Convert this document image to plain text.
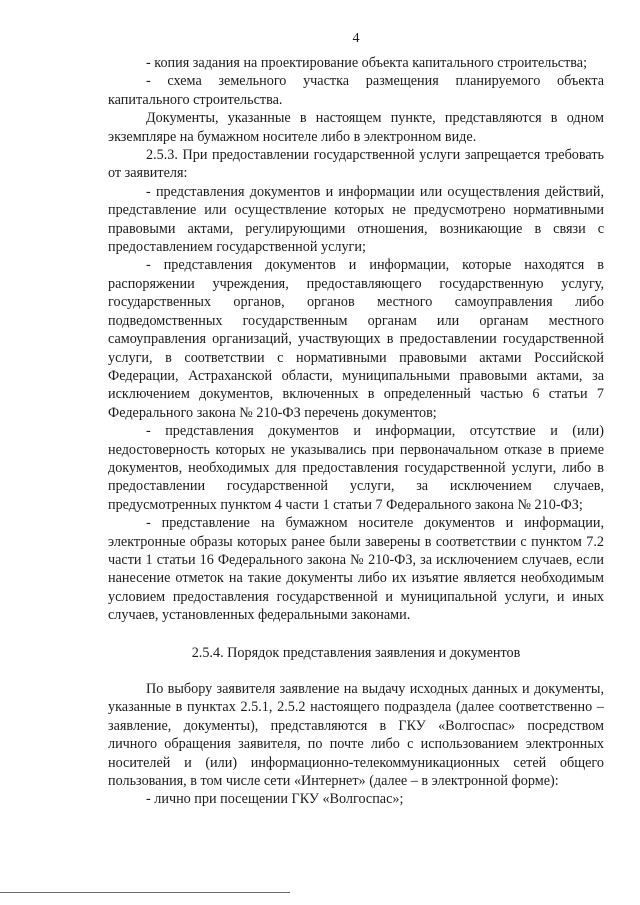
4

- копия задания на проектирование объекта капитального строительства;

- схема земельного участка размещения планируемого объекта капитального строительства.

Документы, указанные в настоящем пункте, представляются в одном экземпляре на бумажном носителе либо в электронном виде.

2.5.3. При предоставлении государственной услуги запрещается требовать от заявителя:

- представления документов и информации или осуществления действий, представление или осуществление которых не предусмотрено нормативными правовыми актами, регулирующими отношения, возникающие в связи с предоставлением государственной услуги;

- представления документов и информации, которые находятся в распоряжении учреждения, предоставляющего государственную услугу, государственных органов, органов местного самоуправления либо подведомственных государственным органам или органам местного самоуправления организаций, участвующих в предоставлении государственной услуги, в соответствии с нормативными правовыми актами Российской Федерации, Астраханской области, муниципальными правовыми актами, за исключением документов, включенных в определенный частью 6 статьи 7 Федерального закона № 210-ФЗ перечень документов;

- представления документов и информации, отсутствие и (или) недостоверность которых не указывались при первоначальном отказе в приеме документов, необходимых для предоставления государственной услуги, либо в предоставлении государственной услуги, за исключением случаев, предусмотренных пунктом 4 части 1 статьи 7 Федерального закона № 210-ФЗ;

- представление на бумажном носителе документов и информации, электронные образы которых ранее были заверены в соответствии с пунктом 7.2 части 1 статьи 16 Федерального закона № 210-ФЗ, за исключением случаев, если нанесение отметок на такие документы либо их изъятие является необходимым условием предоставления государственной и муниципальной услуги, и иных случаев, установленных федеральными законами.

2.5.4. Порядок представления заявления и документов

По выбору заявителя заявление на выдачу исходных данных и документы, указанные в пунктах 2.5.1, 2.5.2 настоящего подраздела (далее соответственно – заявление, документы), представляются в ГКУ «Волгоспас» посредством личного обращения заявителя, по почте либо с использованием электронных носителей и (или) информационно-телекоммуникационных сетей общего пользования, в том числе сети «Интернет» (далее – в электронной форме):

- лично при посещении ГКУ «Волгоспас»;
